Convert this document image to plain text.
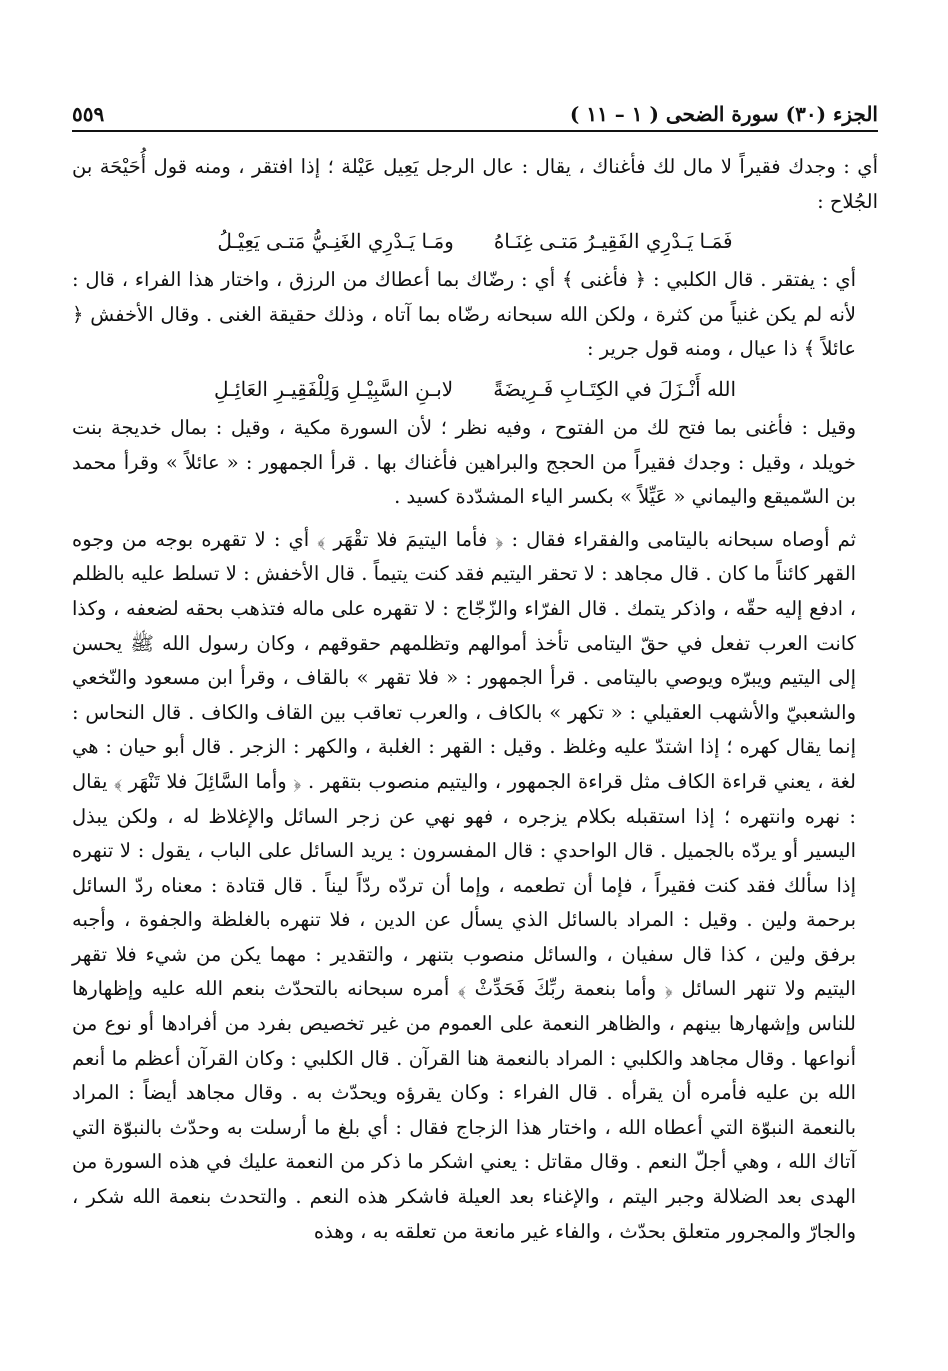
الجزء (٣٠) سورة الضحى ( ١ – ١١ )
٥٥٩

أي : وجدك فقيراً لا مال لك فأغناك ، يقال : عال الرجل يَعِيل عَيْلة ؛ إذا افتقر ، ومنه قول أُحَيْحَة بن الجُلاح :

فَمَـا يَـدْرِي الفَقِيـرُ مَتـى غِنَـاهُ
ومَـا يَـدْرِي الغَنِـيُّ مَتـى يَعِيْـلُ

أي : يفتقر . قال الكلبي : ﴿ فأغنى ﴾ أي : رضّاك بما أعطاك من الرزق ، واختار هذا الفراء ، قال : لأنه لم يكن غنياً من كثرة ، ولكن الله سبحانه رضّاه بما آتاه ، وذلك حقيقة الغنى . وقال الأخفش ﴿ عائلاً ﴾ ذا عيال ، ومنه قول جرير :

الله أَنْـزَلَ في الكِتَـابِ فَـرِيضَةً
لابـنِ السَّبِيْـلِ وَلِلْفَقِيـرِ العَائِـلِ

وقيل : فأغنى بما فتح لك من الفتوح ، وفيه نظر ؛ لأن السورة مكية ، وقيل : بمال خديجة بنت خويلد ، وقيل : وجدك فقيراً من الحجج والبراهين فأغناك بها . قرأ الجمهور : « عائلاً » وقرأ محمد بن السّميقع واليماني « عَيِّلاً » بكسر الياء المشدّدة كسيد .

ثم أوصاه سبحانه باليتامى والفقراء فقال : ﴿ فأما اليتيمَ فلا تقْهَر ﴾ أي : لا تقهره بوجه من وجوه القهر كائناً ما كان . قال مجاهد : لا تحقر اليتيم فقد كنت يتيماً . قال الأخفش : لا تسلط عليه بالظلم ، ادفع إليه حقّه ، واذكر يتمك . قال الفرّاء والزّجّاج : لا تقهره على ماله فتذهب بحقه لضعفه ، وكذا كانت العرب تفعل في حقّ اليتامى تأخذ أموالهم وتظلمهم حقوقهم ، وكان رسول الله ﷺ يحسن إلى اليتيم ويبرّه ويوصي باليتامى . قرأ الجمهور : « فلا تقهر » بالقاف ، وقرأ ابن مسعود والنّخعي والشعبيّ والأشهب العقيلي : « تكهر » بالكاف ، والعرب تعاقب بين القاف والكاف . قال النحاس : إنما يقال كهره ؛ إذا اشتدّ عليه وغلظ . وقيل : القهر : الغلبة ، والكهر : الزجر . قال أبو حيان : هي لغة ، يعني قراءة الكاف مثل قراءة الجمهور ، واليتيم منصوب بتقهر . ﴿ وأما السَّائِلَ فلا تَنْهَر ﴾ يقال : نهره وانتهره ؛ إذا استقبله بكلام يزجره ، فهو نهي عن زجر السائل والإغلاظ له ، ولكن يبذل اليسير أو يردّه بالجميل . قال الواحدي : قال المفسرون : يريد السائل على الباب ، يقول : لا تنهره إذا سألك فقد كنت فقيراً ، فإما أن تطعمه ، وإما أن تردّه ردّاً ليناً . قال قتادة : معناه ردّ السائل برحمة ولين . وقيل : المراد بالسائل الذي يسأل عن الدين ، فلا تنهره بالغلظة والجفوة ، وأجبه برفق ولين ، كذا قال سفيان ، والسائل منصوب بتنهر ، والتقدير : مهما يكن من شيء فلا تقهر اليتيم ولا تنهر السائل ﴿ وأما بنعمة ربِّكَ فَحَدِّثْ ﴾ أمره سبحانه بالتحدّث بنعم الله عليه وإظهارها للناس وإشهارها بينهم ، والظاهر النعمة على العموم من غير تخصيص بفرد من أفرادها أو نوع من أنواعها . وقال مجاهد والكلبي : المراد بالنعمة هنا القرآن . قال الكلبي : وكان القرآن أعظم ما أنعم الله بن عليه فأمره أن يقرأه . قال الفراء : وكان يقرؤه ويحدّث به . وقال مجاهد أيضاً : المراد بالنعمة النبوّة التي أعطاه الله ، واختار هذا الزجاج فقال : أي بلغ ما أرسلت به وحدّث بالنبوّة التي آتاك الله ، وهي أجلّ النعم . وقال مقاتل : يعني اشكر ما ذكر من النعمة عليك في هذه السورة من الهدى بعد الضلالة وجبر اليتم ، والإغناء بعد العيلة فاشكر هذه النعم . والتحدث بنعمة الله شكر ، والجارّ والمجرور متعلق بحدّث ، والفاء غير مانعة من تعلقه به ، وهذه
